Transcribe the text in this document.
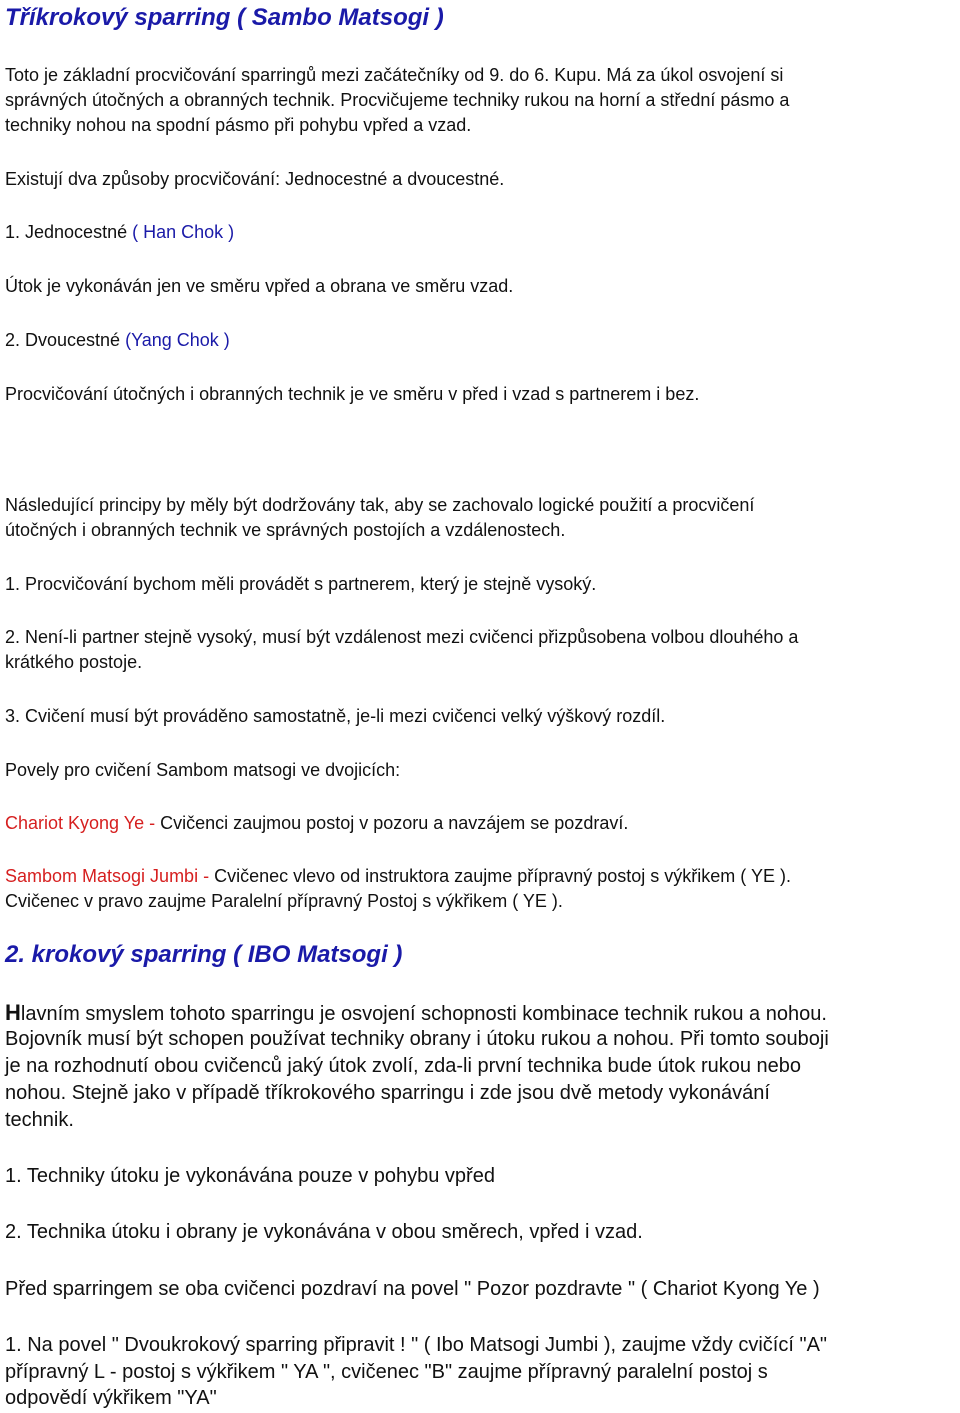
Tříkrokový sparring ( Sambo Matsogi )

Toto je základní procvičování sparringů mezi začátečníky od 9. do 6. Kupu. Má za úkol osvojení si

správných útočných a obranných technik. Procvičujeme techniky rukou na horní a střední pásmo a

techniky nohou na spodní pásmo při pohybu vpřed a vzad.

Existují dva způsoby procvičování: Jednocestné a dvoucestné.

1. Jednocestné ( Han Chok )

Útok je vykonáván jen ve směru vpřed a obrana ve směru vzad.

2. Dvoucestné (Yang Chok )

Procvičování útočných i obranných technik je ve směru v před i vzad s partnerem i bez.

Následující principy by měly být dodržovány tak, aby se zachovalo logické použití a procvičení

útočných i obranných technik ve správných postojích a vzdálenostech.

1. Procvičování bychom měli provádět s partnerem, který je stejně vysoký.

2. Není-li partner stejně vysoký, musí být vzdálenost mezi cvičenci přizpůsobena volbou dlouhého a

krátkého postoje.

3. Cvičení musí být prováděno samostatně, je-li mezi cvičenci velký výškový rozdíl.

Povely pro cvičení Sambom matsogi ve dvojicích:

Chariot Kyong Ye - Cvičenci zaujmou postoj v pozoru a navzájem se pozdraví.

Sambom Matsogi Jumbi - Cvičenec vlevo od instruktora zaujme přípravný postoj s výkřikem ( YE ).

Cvičenec v pravo zaujme Paralelní přípravný Postoj s výkřikem ( YE ).

2. krokový sparring ( IBO Matsogi )

Hlavním smyslem tohoto sparringu je osvojení schopnosti kombinace technik rukou a nohou.

Bojovník musí být schopen používat techniky obrany i útoku rukou a nohou. Při tomto souboji

je na rozhodnutí obou cvičenců jaký útok zvolí, zda-li první technika bude útok rukou nebo

nohou. Stejně jako v případě tříkrokového sparringu i zde jsou dvě metody vykonávání

technik.

1. Techniky útoku je vykonávána pouze v pohybu vpřed

2. Technika útoku i obrany je vykonávána v obou směrech, vpřed i vzad.

Před sparringem se oba cvičenci pozdraví na povel " Pozor pozdravte " ( Chariot Kyong Ye )

1. Na povel " Dvoukrokový sparring připravit ! " ( Ibo Matsogi Jumbi ), zaujme vždy cvičící "A"

přípravný L - postoj s výkřikem " YA ", cvičenec "B" zaujme přípravný paralelní postoj s

odpovědí výkřikem "YA"
